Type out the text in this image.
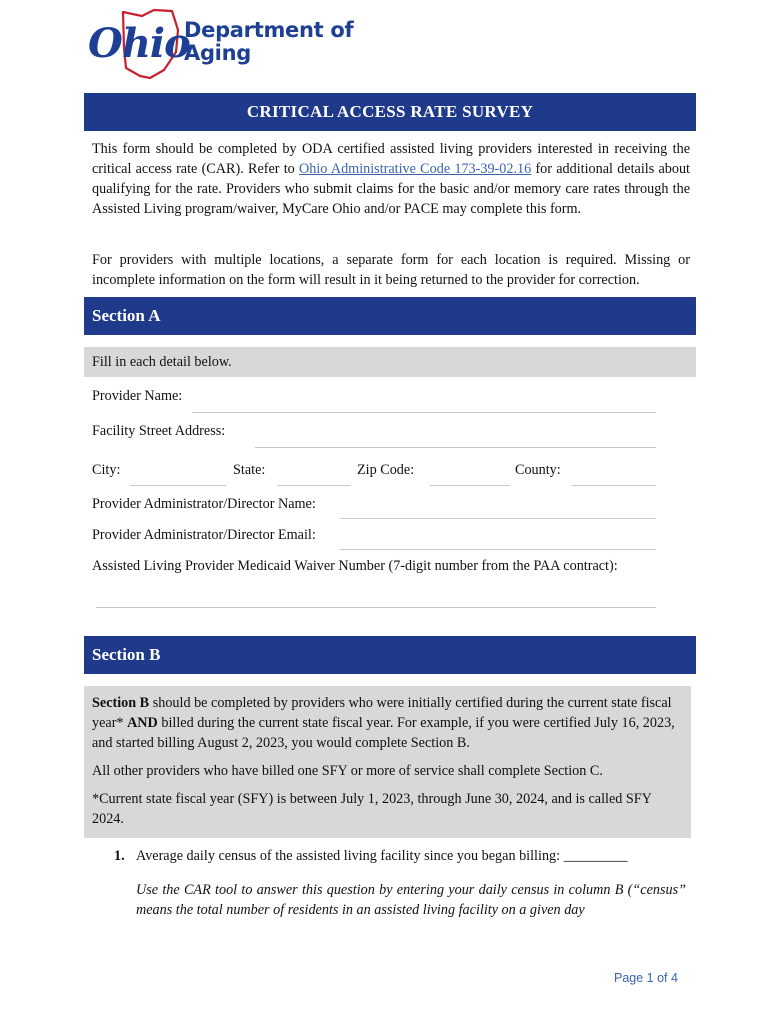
Ohio
Department of
Aging
CRITICAL ACCESS RATE SURVEY

This form should be completed by ODA certified assisted living providers interested in receiving the critical access rate (CAR). Refer to Ohio Administrative Code 173-39-02.16 for additional details about qualifying for the rate. Providers who submit claims for the basic and/or memory care rates through the Assisted Living program/waiver, MyCare Ohio and/or PACE may complete this form.

For providers with multiple locations, a separate form for each location is required. Missing or incomplete information on the form will result in it being returned to the provider for correction.

Section A
Fill in each detail below.
Provider Name:
Facility Street Address:
City:	State:	Zip Code:	County:
Provider Administrator/Director Name:
Provider Administrator/Director Email:
Assisted Living Provider Medicaid Waiver Number (7-digit number from the PAA contract):
Section B

Section B should be completed by providers who were initially certified during the current state fiscal year* AND billed during the current state fiscal year. For example, if you were certified July 16, 2023, and started billing August 2, 2023, you would complete Section B.

All other providers who have billed one SFY or more of service shall complete Section C.

*Current state fiscal year (SFY) is between July 1, 2023, through June 30, 2024, and is called SFY 2024.

1. Average daily census of the assisted living facility since you began billing: _________

Use the CAR tool to answer this question by entering your daily census in column B (“census” means the total number of residents in an assisted living facility on a given day

Page 1 of 4
